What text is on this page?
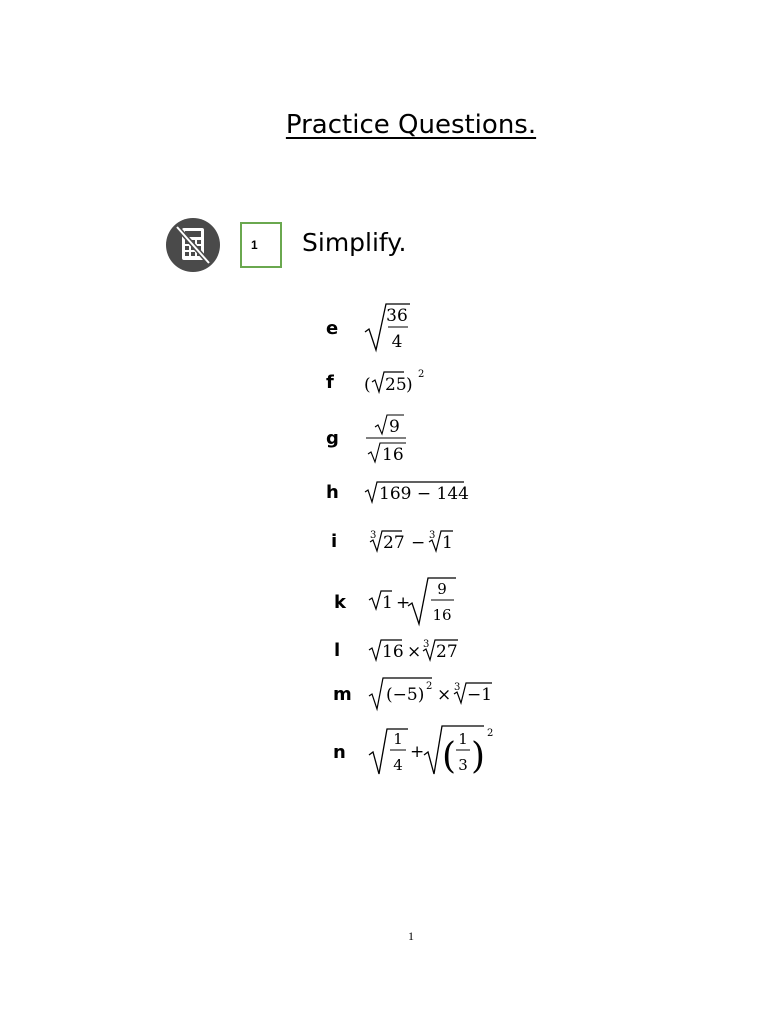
Practice Questions.
1 Simplify.
e
36
4
f ( 25 )
2
g
9
16
h 169 − 144
i	3 27 − 3 1
k 1 +
9
16
l 16 × 3 27
m (−5) 2 × 3 −1
n
1
4
+ ( 1
3 )
2
1
